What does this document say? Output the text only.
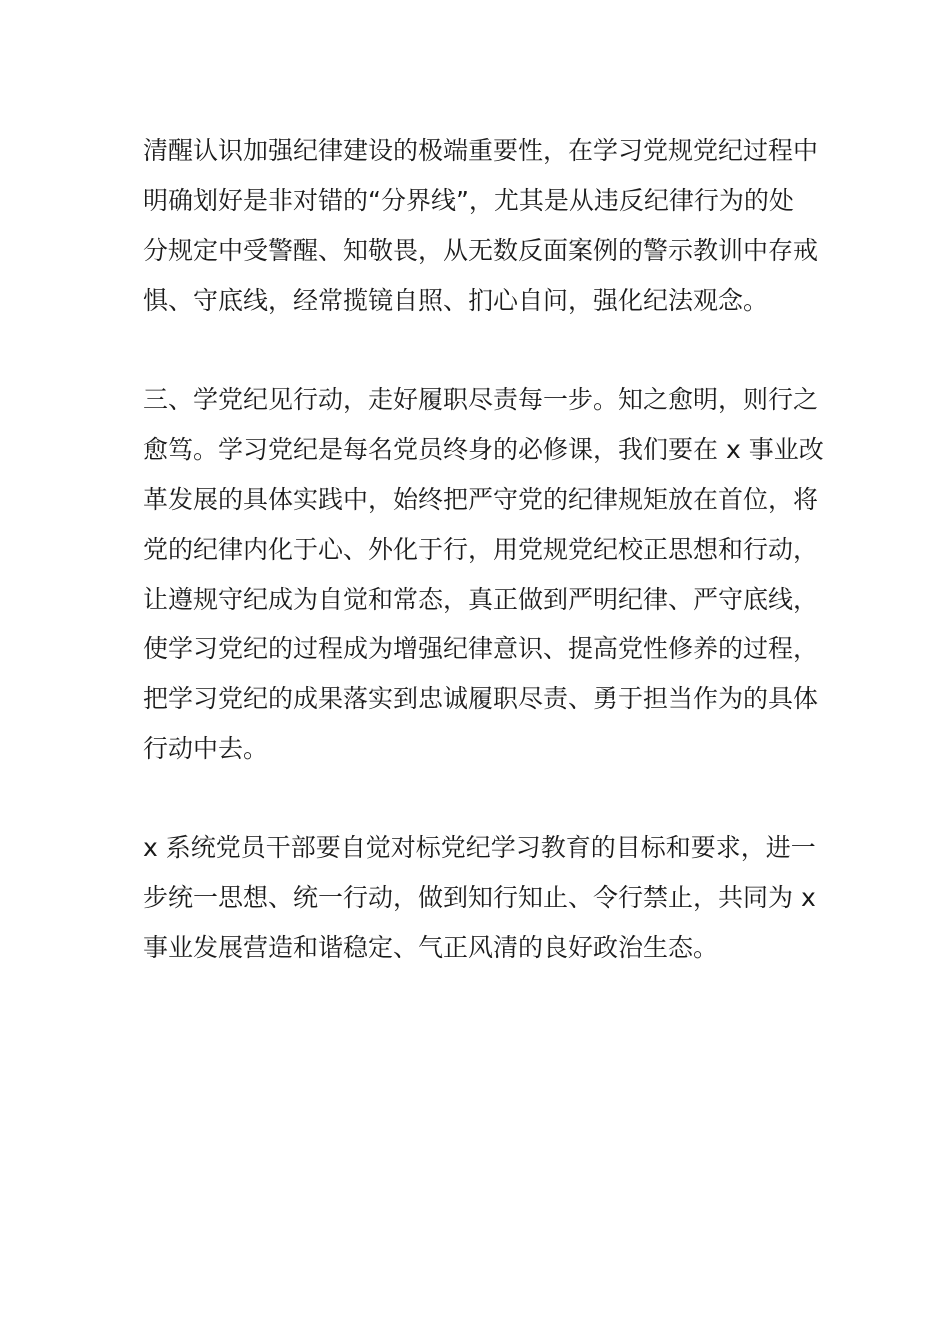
清醒认识加强纪律建设的极端重要性，在学习党规党纪过程中

明确划好是非对错的“分界线”，尤其是从违反纪律行为的处

分规定中受警醒、知敬畏，从无数反面案例的警示教训中存戒

惧、守底线，经常揽镜自照、扪心自问，强化纪法观念。

三、学党纪见行动，走好履职尽责每一步。知之愈明，则行之

愈笃。学习党纪是每名党员终身的必修课，我们要在 x 事业改

革发展的具体实践中，始终把严守党的纪律规矩放在首位，将

党的纪律内化于心、外化于行，用党规党纪校正思想和行动，

让遵规守纪成为自觉和常态，真正做到严明纪律、严守底线，

使学习党纪的过程成为增强纪律意识、提高党性修养的过程，

把学习党纪的成果落实到忠诚履职尽责、勇于担当作为的具体

行动中去。

x 系统党员干部要自觉对标党纪学习教育的目标和要求，进一

步统一思想、统一行动，做到知行知止、令行禁止，共同为 x

事业发展营造和谐稳定、气正风清的良好政治生态。
